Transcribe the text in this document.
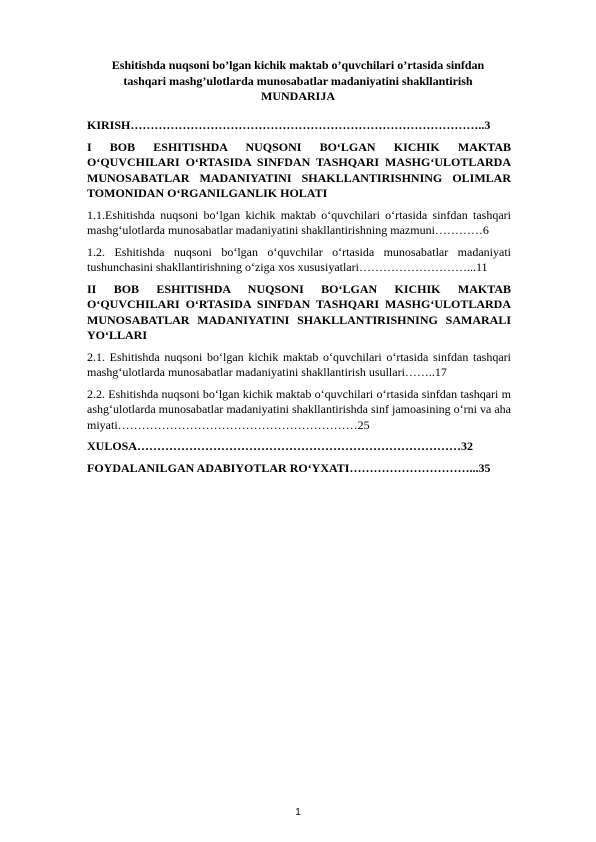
Eshitishda nuqsoni bo’lgan kichik maktab o’quvchilari o’rtasida sinfdan
tashqari mashg’ulotlarda munosabatlar madaniyatini shakllantirish
MUNDARIJA
KIRISH……………………………………………………………………………..3
I BOB ESHITISHDA NUQSONI BO‘LGAN KICHIK MAKTAB O‘QUVCHILARI O‘RTASIDA SINFDAN TASHQARI MASHG‘ULOTLARDA MUNOSABATLAR MADANIYATINI SHAKLLANTIRISHNING OLIMLAR TOMONIDAN O‘RGANILGANLIK HOLATI
1.1.Eshitishda nuqsoni bo‘lgan kichik maktab o‘quvchilari o‘rtasida sinfdan tashqari mashg‘ulotlarda munosabatlar madaniyatini shakllantirishning mazmuni…………6
1.2. Eshitishda nuqsoni bo‘lgan o‘quvchilar o‘rtasida munosabatlar madaniyati tushunchasini shakllantirishning o‘ziga xos xususiyatlari………………………...11
II BOB ESHITISHDA NUQSONI BO‘LGAN KICHIK MAKTAB O‘QUVCHILARI O‘RTASIDA SINFDAN TASHQARI MASHG‘ULOTLARDA MUNOSABATLAR MADANIYATINI SHAKLLANTIRISHNING SAMARALI YO‘LLARI
2.1. Eshitishda nuqsoni bo‘lgan kichik maktab o‘quvchilari o‘rtasida sinfdan tashqari mashg‘ulotlarda munosabatlar madaniyatini shakllantirish usullari……..17
2.2. Eshitishda nuqsoni bo‘lgan kichik maktab o‘quvchilari o‘rtasida sinfdan tashqari mashg‘ulotlarda munosabatlar madaniyatini shakllantirishda sinf jamoasining o‘rni va ahamiyati……………………………………………………25
XULOSA………………………………………………………………………32
FOYDALANILGAN ADABIYOTLAR RO‘YXATI…………………………...35
1
